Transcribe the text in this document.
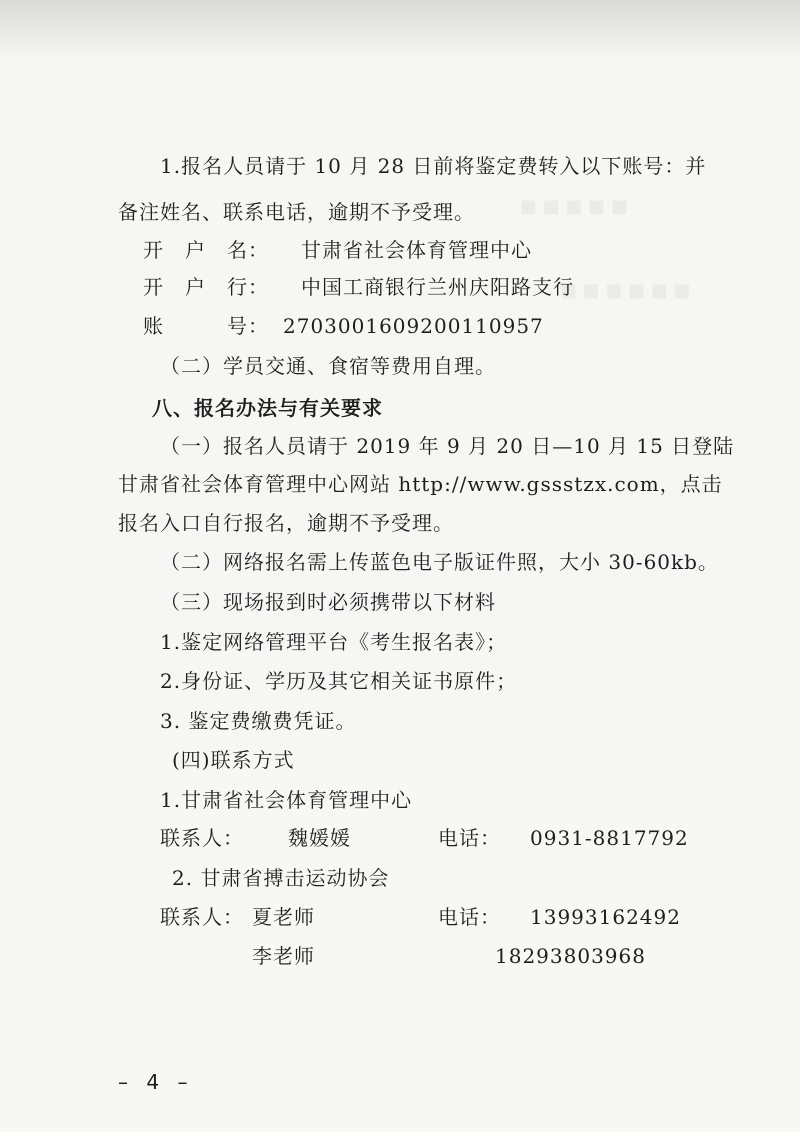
■ ■ ■ ■ ■
■ ■ ■ ■ ■ ■
1.报名人员请于 10 月 28 日前将鉴定费转入以下账号：并
备注姓名、联系电话，逾期不予受理。
开　户　名： 甘肃省社会体育管理中心
开　户　行： 中国工商银行兰州庆阳路支行
账　　　号： 2703001609200110957
（二）学员交通、食宿等费用自理。
八、报名办法与有关要求
（一）报名人员请于 2019 年 9 月 20 日—10 月 15 日登陆
甘肃省社会体育管理中心网站 http://www.gssstzx.com，点击
报名入口自行报名，逾期不予受理。
（二）网络报名需上传蓝色电子版证件照，大小 30-60kb。
（三）现场报到时必须携带以下材料
1.鉴定网络管理平台《考生报名表》；
2.身份证、学历及其它相关证书原件；
3. 鉴定费缴费凭证。
(四)联系方式
1.甘肃省社会体育管理中心
联系人： 魏媛媛	电话： 0931-8817792
2. 甘肃省搏击运动协会
联系人： 夏老师	电话： 13993162492
李老师	18293803968
– 4 –
